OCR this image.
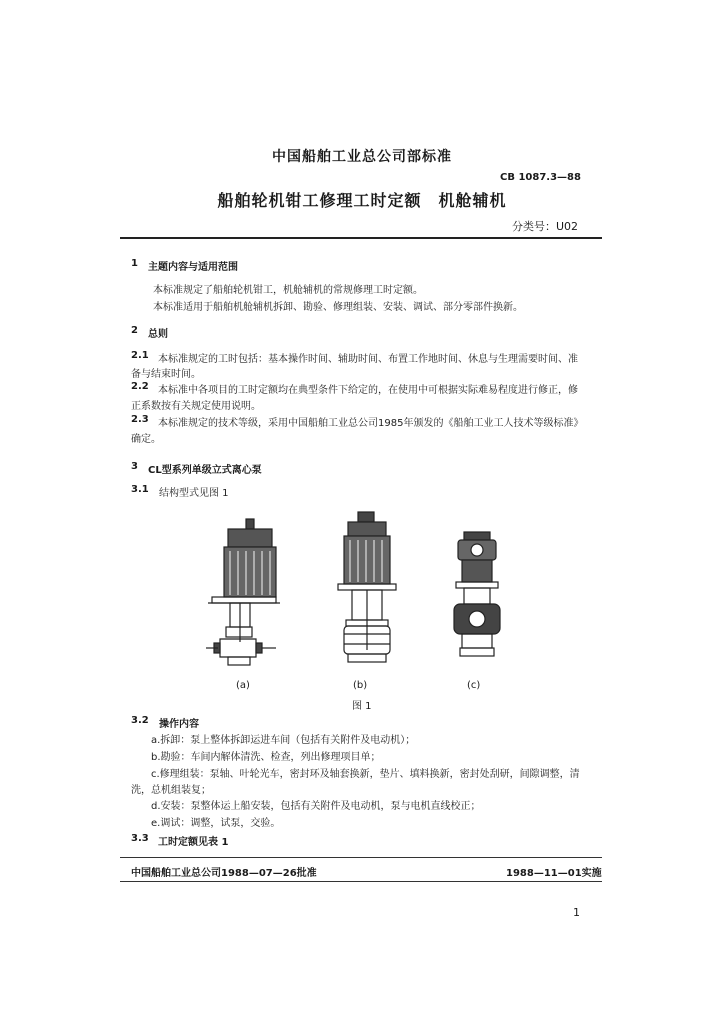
中国船舶工业总公司部标准
CB 1087.3—88
船舶轮机钳工修理工时定额　机舱辅机
分类号：U02
1 主题内容与适用范围
本标准规定了船舶轮机钳工，机舱辅机的常规修理工时定额。
本标准适用于船舶机舱辅机拆卸、勘验、修理组装、安装、调试、部分零部件换新。
2 总则
2.1 本标准规定的工时包括：基本操作时间、辅助时间、布置工作地时间、休息与生理需要时间、准
备与结束时间。
2.2 本标准中各项目的工时定额均在典型条件下给定的，在使用中可根据实际难易程度进行修正，修
正系数按有关规定使用说明。
2.3 本标准规定的技术等级，采用中国船舶工业总公司1985年颁发的《船舶工业工人技术等级标准》
确定。
3 CL型系列单级立式离心泵
3.1 结构型式见图 1
(a)	(b)	(c)
图 1
3.2 操作内容
a.拆卸：泵上整体拆卸运进车间（包括有关附件及电动机）；
b.勘验：车间内解体清洗、检查，列出修理项目单；
c.修理组装：泵轴、叶轮光车，密封环及轴套换新，垫片、填料换新，密封处刮研，间隙调整，清
洗，总机组装复；
d.安装：泵整体运上船安装，包括有关附件及电动机，泵与电机直线校正；
e.调试：调整，试泵，交验。
3.3 工时定额见表 1
中国船舶工业总公司1988—07—26批准	1988—11—01实施
1
